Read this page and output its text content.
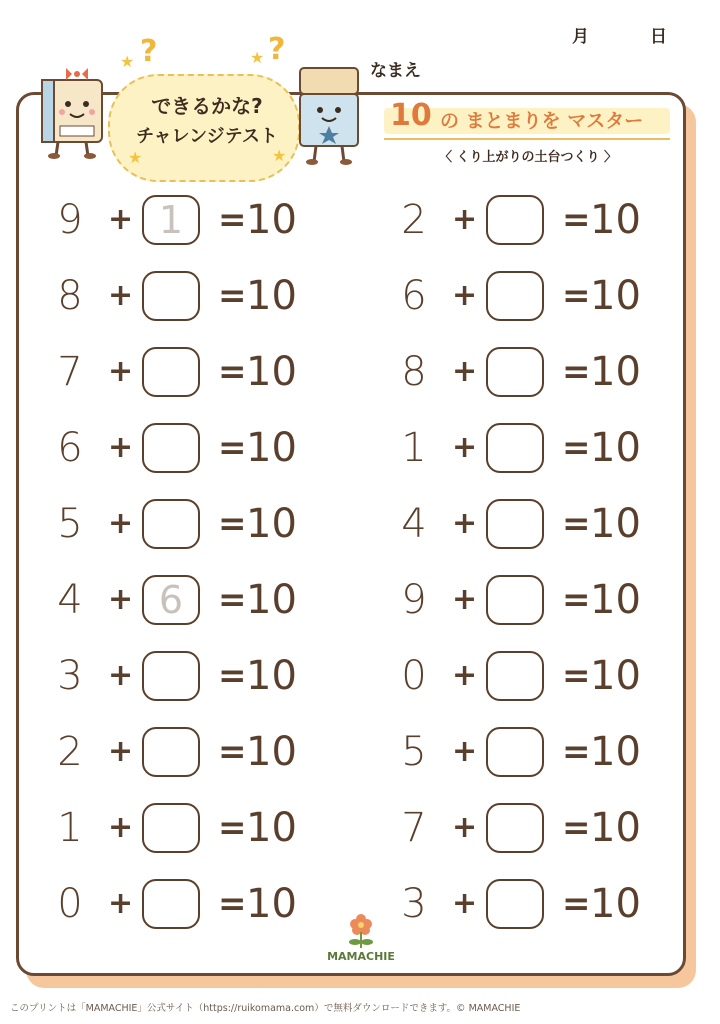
月	日
なまえ
?	?
★	★
★	★
できるかな?
チャレンジテスト
10 の まとまりを マスター
〈 くり上がりの土台つくり 〉
9 + 1	= 10
8 + = 10
7 + = 10
6 + = 10
5 + = 10
4 + 6	= 10
3 + = 10
2 + = 10
1 + = 10
0 + = 10
2 + = 10
6 + = 10
8 + = 10
1 + = 10
4 + = 10
9 + = 10
0 + = 10
5 + = 10
7 + = 10
3 + = 10
MAMACHIE
このプリントは「MAMACHIE」公式サイト（https://ruikomama.com）で無料ダウンロードできます。© MAMACHIE
